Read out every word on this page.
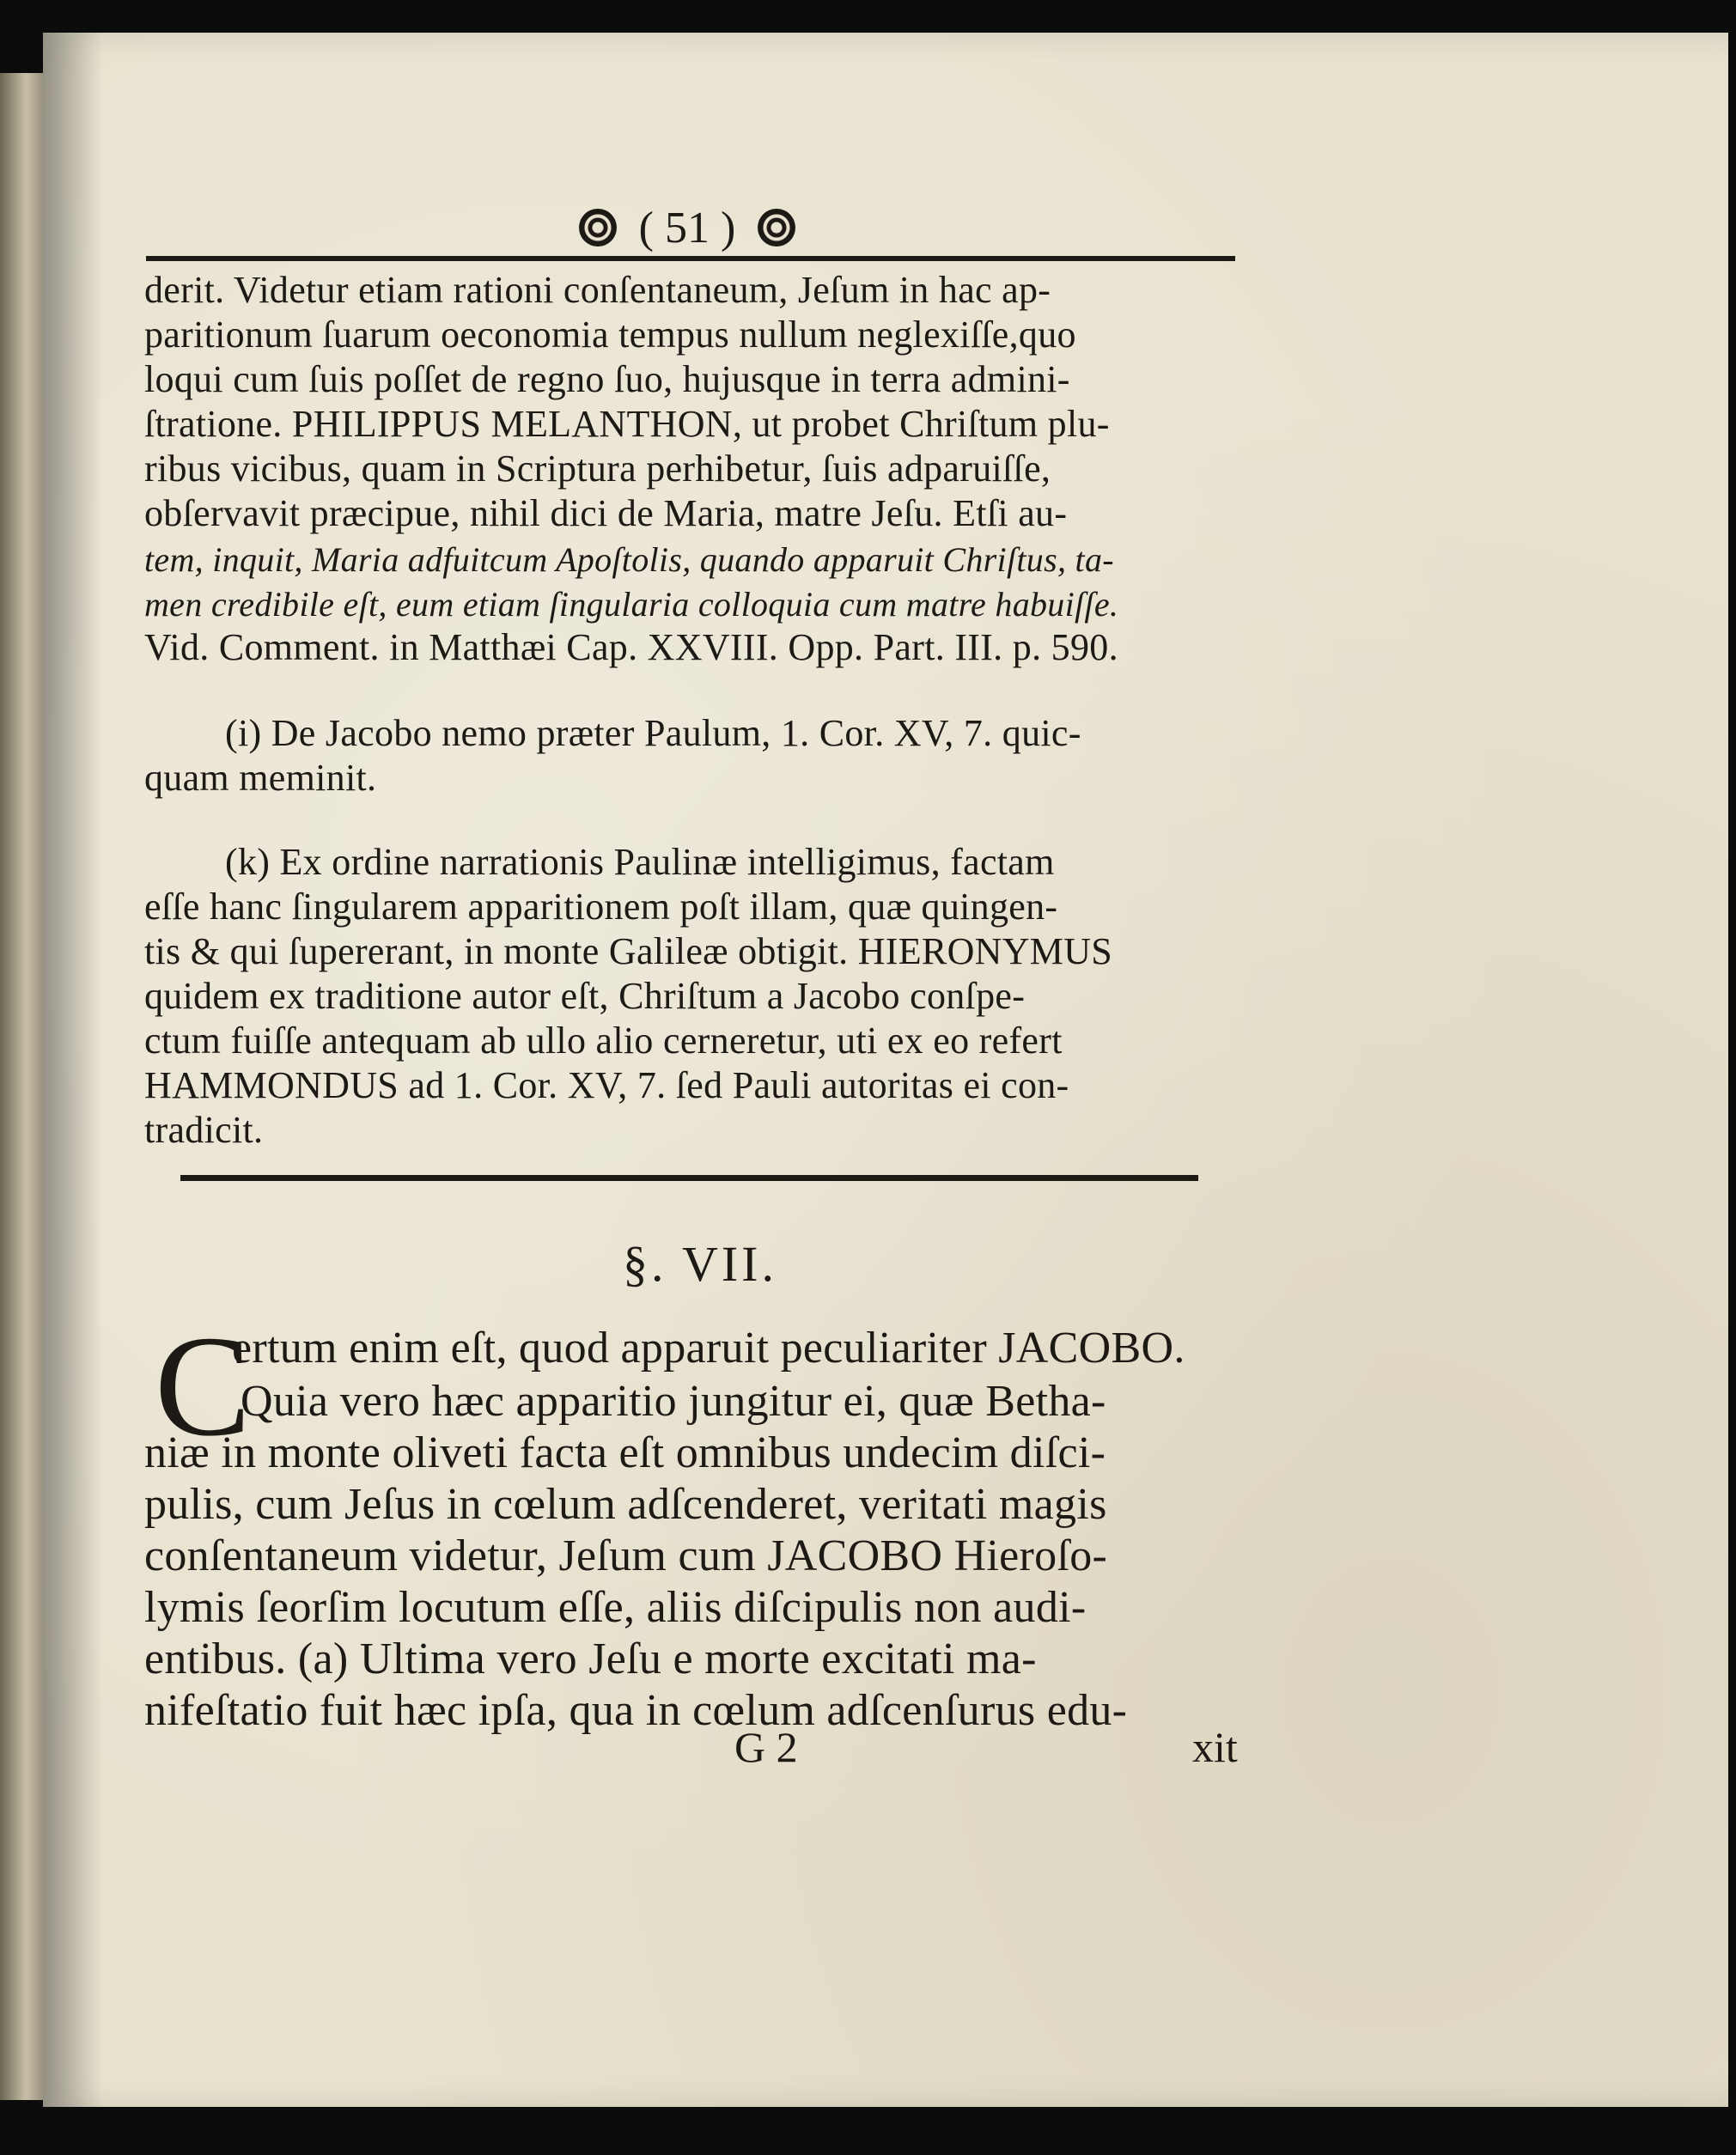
( 51 )
derit. Videtur etiam rationi conſentaneum, Jeſum in hac ap-
paritionum ſuarum oeconomia tempus nullum neglexiſſe,quo
loqui cum ſuis poſſet de regno ſuo, hujusque in terra admini-
ſtratione. PHILIPPUS MELANTHON, ut probet Chriſtum plu-
ribus vicibus, quam in Scriptura perhibetur, ſuis adparuiſſe,
obſervavit præcipue, nihil dici de Maria, matre Jeſu. Etſi au-
tem, inquit, Maria adfuitcum Apoſtolis, quando apparuit Chriſtus, ta-
men credibile eſt, eum etiam ſingularia colloquia cum matre habuiſſe.
Vid. Comment. in Matthæi Cap. XXVIII. Opp. Part. III. p. 590.
(i) De Jacobo nemo præter Paulum, 1. Cor. XV, 7. quic-
quam meminit.
(k) Ex ordine narrationis Paulinæ intelligimus, factam
eſſe hanc ſingularem apparitionem poſt illam, quæ quingen-
tis & qui ſupererant, in monte Galileæ obtigit. HIERONYMUS
quidem ex traditione autor eſt, Chriſtum a Jacobo conſpe-
ctum fuiſſe antequam ab ullo alio cerneretur, uti ex eo refert
HAMMONDUS ad 1. Cor. XV, 7. ſed Pauli autoritas ei con-
tradicit.
§. VII.
C
ertum enim eſt, quod apparuit peculiariter JACOBO.
Quia vero hæc apparitio jungitur ei, quæ Betha-
niæ in monte oliveti facta eſt omnibus undecim diſci-
pulis, cum Jeſus in cœlum adſcenderet, veritati magis
conſentaneum videtur, Jeſum cum JACOBO Hieroſo-
lymis ſeorſim locutum eſſe, aliis diſcipulis non audi-
entibus. (a) Ultima vero Jeſu e morte excitati ma-
nifeſtatio fuit hæc ipſa, qua in cœlum adſcenſurus edu-
G 2	xit
